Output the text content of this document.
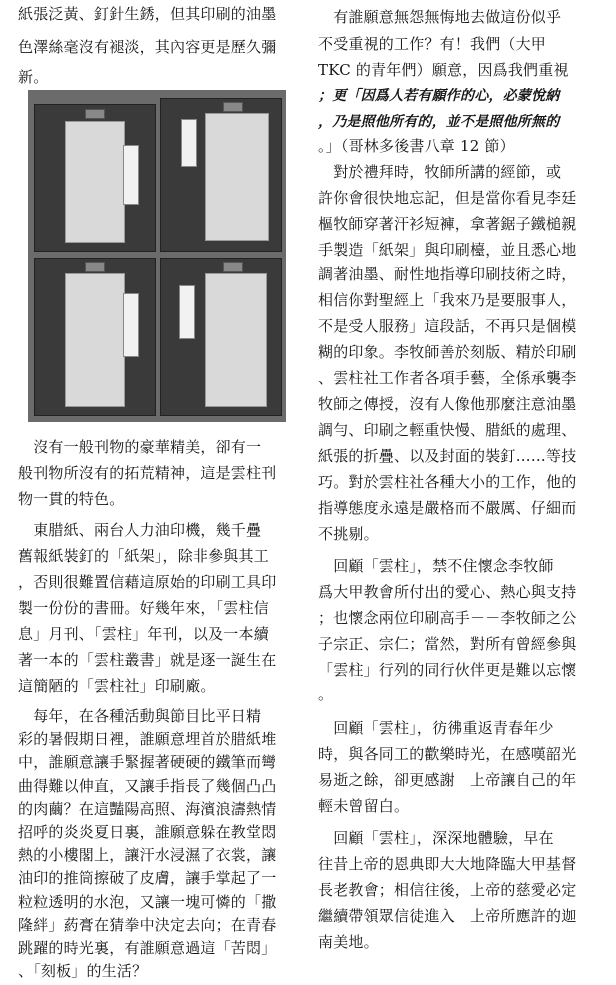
紙張泛黃、釘針生銹，但其印刷的油墨
色澤絲毫沒有褪淡，其內容更是歷久彌
新。
　沒有一般刊物的豪華精美，卻有一
般刊物所沒有的拓荒精神，這是雲柱刊
物一貫的特色。
　東腊紙、兩台人力油印機，幾千疊
舊報紙裝釘的「紙架」，除非參與其工
，否則很難置信藉這原始的印刷工具印
製一份份的書冊。好幾年來，「雲柱信
息」月刊、「雲柱」年刊，以及一本續
著一本的「雲柱叢書」就是逐一誕生在
這簡陋的「雲柱社」印刷廠。
　每年，在各種活動與節目比平日精
彩的暑假期日裡，誰願意埋首於腊紙堆
中，誰願意讓手緊握著硬硬的鐵筆而彎
曲得難以伸直，又讓手指長了幾個凸凸
的肉繭？在這豔陽高照、海濱浪濤熱情
招呼的炎炎夏日裏，誰願意躲在教堂悶
熱的小樓閣上，讓汗水浸濕了衣裳，讓
油印的推筒擦破了皮膚，讓手掌起了一
粒粒透明的水泡，又讓一塊可憐的「撒
隆絆」葯膏在猜拳中決定去向；在青春
跳躍的時光裏，有誰願意過這「苦悶」
、「刻板」的生活？
　有誰願意無怨無悔地去做這份似乎
不受重視的工作？有！我們（大甲
TKC 的青年們）願意，因爲我們重視
；更「因爲人若有願作的心，必蒙悅納
，乃是照他所有的，並不是照他所無的
。」（哥林多後書八章 12 節）
　對於禮拜時，牧師所講的經節，或
許你會很快地忘記，但是當你看見李廷
樞牧師穿著汗衫短褲，拿著鋸子鐵槌親
手製造「紙架」與印刷檯，並且悉心地
調著油墨、耐性地指導印刷技術之時，
相信你對聖經上「我來乃是要服事人，
不是受人服務」這段話，不再只是個模
糊的印象。李牧師善於刻版、精於印刷
、雲柱社工作者各項手藝，全係承襲李
牧師之傳授，沒有人像他那麼注意油墨
調勻、印刷之輕重快慢、腊紙的處理、
紙張的折疊、以及封面的裝釘……等技
巧。對於雲柱社各種大小的工作，他的
指導態度永遠是嚴格而不嚴厲、仔細而
不挑剔。
　回顧「雲柱」，禁不住懷念李牧師
爲大甲教會所付出的愛心、熱心與支持
；也懷念兩位印刷高手－－李牧師之公
子宗正、宗仁；當然，對所有曾經參與
「雲柱」行列的同行伙伴更是難以忘懷
。
　回顧「雲柱」，彷彿重返青春年少
時，與各同工的歡樂時光，在感嘆韶光
易逝之餘，卻更感謝　上帝讓自己的年
輕未曾留白。
　回顧「雲柱」，深深地體驗，早在
往昔上帝的恩典即大大地降臨大甲基督
長老教會；相信往後，上帝的慈愛必定
繼續帶領眾信徒進入　上帝所應許的迦
南美地。
